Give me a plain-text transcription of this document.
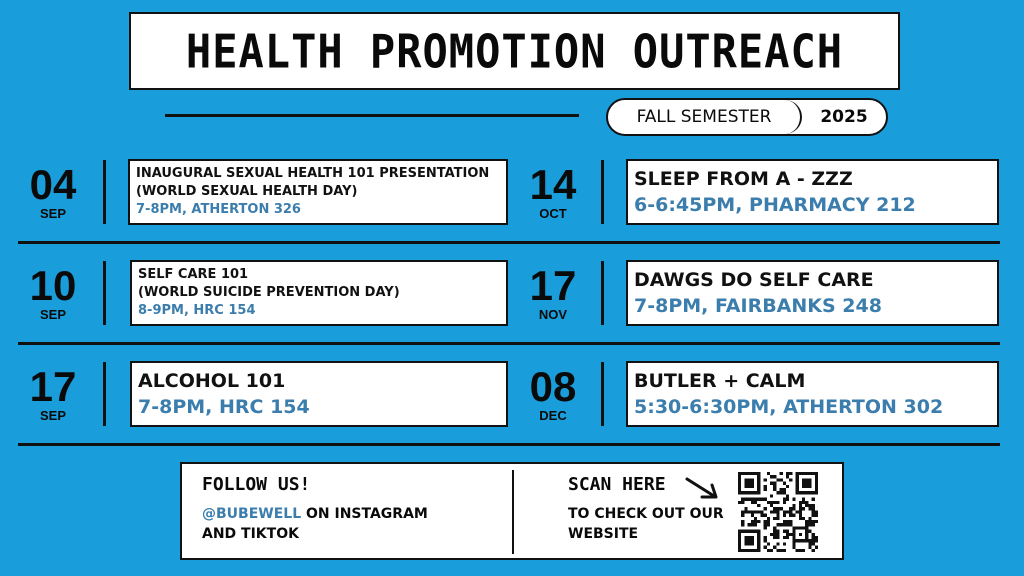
HEALTH PROMOTION OUTREACH
FALL SEMESTER	2025
04
SEP
INAUGURAL SEXUAL HEALTH 101 PRESENTATION
(WORLD SEXUAL HEALTH DAY)
7-8PM, ATHERTON 326
14
OCT
SLEEP FROM A - ZZZ
6-6:45PM, PHARMACY 212
10
SEP
SELF CARE 101
(WORLD SUICIDE PREVENTION DAY)
8-9PM, HRC 154
17
NOV
DAWGS DO SELF CARE
7-8PM, FAIRBANKS 248
17
SEP
ALCOHOL 101
7-8PM, HRC 154	08
DEC
BUTLER + CALM
5:30-6:30PM, ATHERTON 302
FOLLOW US!
@BUBEWELL ON INSTAGRAM
AND TIKTOK
SCAN HERE
TO CHECK OUT OUR
WEBSITE
